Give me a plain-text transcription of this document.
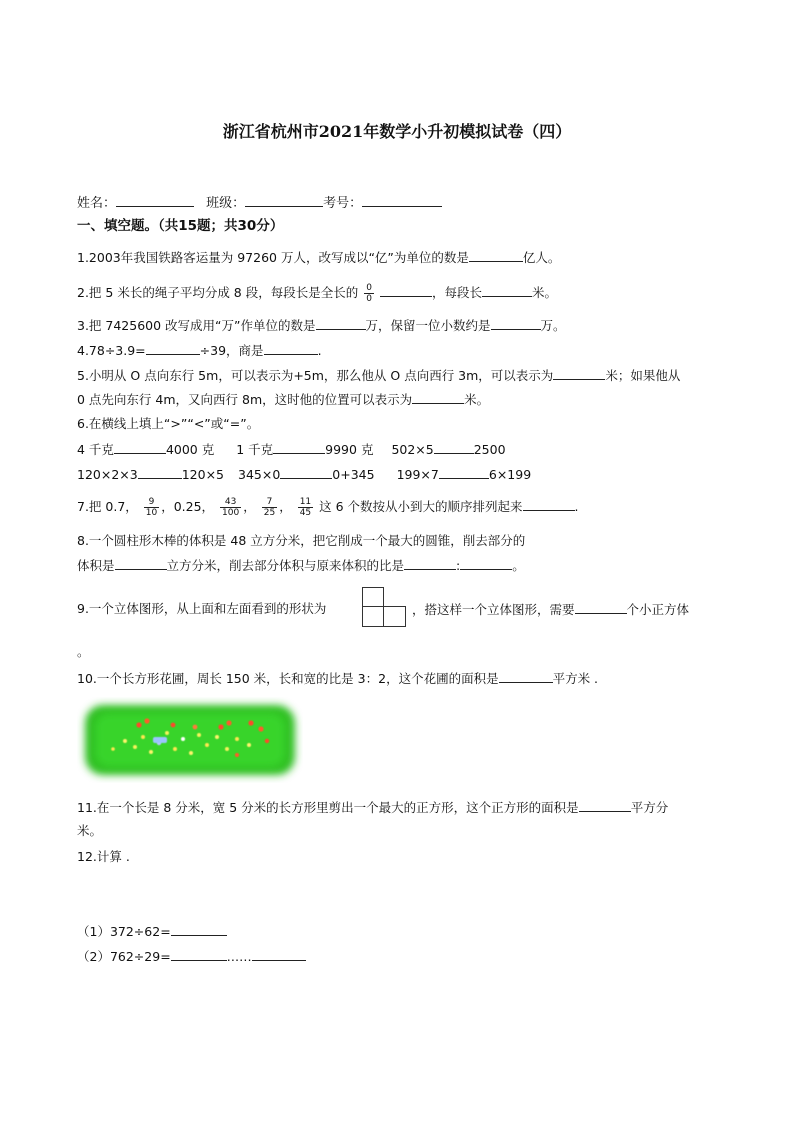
浙江省杭州市2021年数学小升初模拟试卷（四）
姓名：	班级：	考号：
一、填空题。（共15题；共30分）
1.2003年我国铁路客运量为 97260 万人，改写成以“亿”为单位的数是	亿人。
2.把 5 米长的绳子平均分成 8 段，每段长是全长的 $\frac{0}{0}$	，每段长	米。
3.把 7425600 改写成用“万”作单位的数是	万，保留一位小数约是	万。
4.78÷3.9=	÷39，商是	.
5.小明从 O 点向东行 5m，可以表示为+5m，那么他从 O 点向西行 3m，可以表示为	米；如果他从
0 点先向东行 4m，又向西行 8m，这时他的位置可以表示为	米。
6.在横线上填上“>”“<”或“=”。
4 千克	4000 克 1 千克	9990 克 502×5	2500
120×2×3	120×5 345×0	0+345 199×7	6×199
7.把 0.7， $\frac{9}{10}$ ，0.25， $\frac{43}{100}$ ， $\frac{7}{25}$ ， $\frac{11}{45}$ 这 6 个数按从小到大的顺序排列起来	.
8.一个圆柱形木棒的体积是 48 立方分米，把它削成一个最大的圆锥，削去部分的
体积是	立方分米，削去部分体积与原来体积的比是	:	。
9.一个立体图形，从上面和左面看到的形状为	，搭这样一个立体图形，需要	个小正方体
。
10.一个长方形花圃，周长 150 米，长和宽的比是 3：2，这个花圃的面积是	平方米 .
11.在一个长是 8 分米，宽 5 分米的长方形里剪出一个最大的正方形，这个正方形的面积是	平方分
米。
12.计算 .
（1）372÷62=
（2）762÷29=	……
